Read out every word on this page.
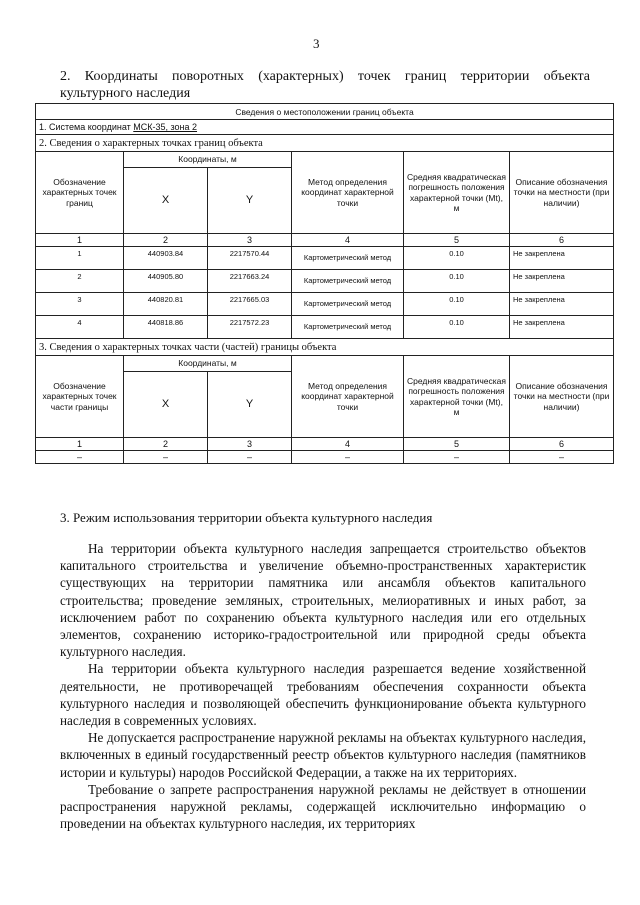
3
2. Координаты поворотных (характерных) точек границ территории объекта культурного наследия
Сведения о местоположении границ объекта					
1. Система координат МСК-35, зона 2					
2. Сведения о характерных точках границ объекта					
Обозначение характерных точек границ	Координаты, м		Метод определения координат характерной точки	Средняя квадратическая погрешность положения характерной точки (Мt), м	Описание обозначения точки на местности (при наличии)
	X	Y			
1	2	3	4	5	6
1	440903.84	2217570.44	Картометрический метод	0.10	Не закреплена
2	440905.80	2217663.24	Картометрический метод	0.10	Не закреплена
3	440820.81	2217665.03	Картометрический метод	0.10	Не закреплена
4	440818.86	2217572.23	Картометрический метод	0.10	Не закреплена
3. Сведения о характерных точках части (частей) границы объекта					
Обозначение характерных точек части границы	Координаты, м		Метод определения координат характерной точки	Средняя квадратическая погрешность положения характерной точки (Мt), м	Описание обозначения точки на местности (при наличии)
	X	Y			
1	2	3	4	5	6
–	–	–	–	–	–
3. Режим использования территории объекта культурного наследия

На территории объекта культурного наследия запрещается строительство объектов капитального строительства и увеличение объемно-пространственных характеристик существующих на территории памятника или ансамбля объектов капитального строительства; проведение земляных, строительных, мелиоративных и иных работ, за исключением работ по сохранению объекта культурного наследия или его отдельных элементов, сохранению историко-градостроительной или природной среды объекта культурного наследия.

На территории объекта культурного наследия разрешается ведение хозяйственной деятельности, не противоречащей требованиям обеспечения сохранности объекта культурного наследия и позволяющей обеспечить функционирование объекта культурного наследия в современных условиях.

Не допускается распространение наружной рекламы на объектах культурного наследия, включенных в единый государственный реестр объектов культурного наследия (памятников истории и культуры) народов Российской Федерации, а также на их территориях.

Требование о запрете распространения наружной рекламы не действует в отношении распространения наружной рекламы, содержащей исключительно информацию о проведении на объектах культурного наследия, их территориях
